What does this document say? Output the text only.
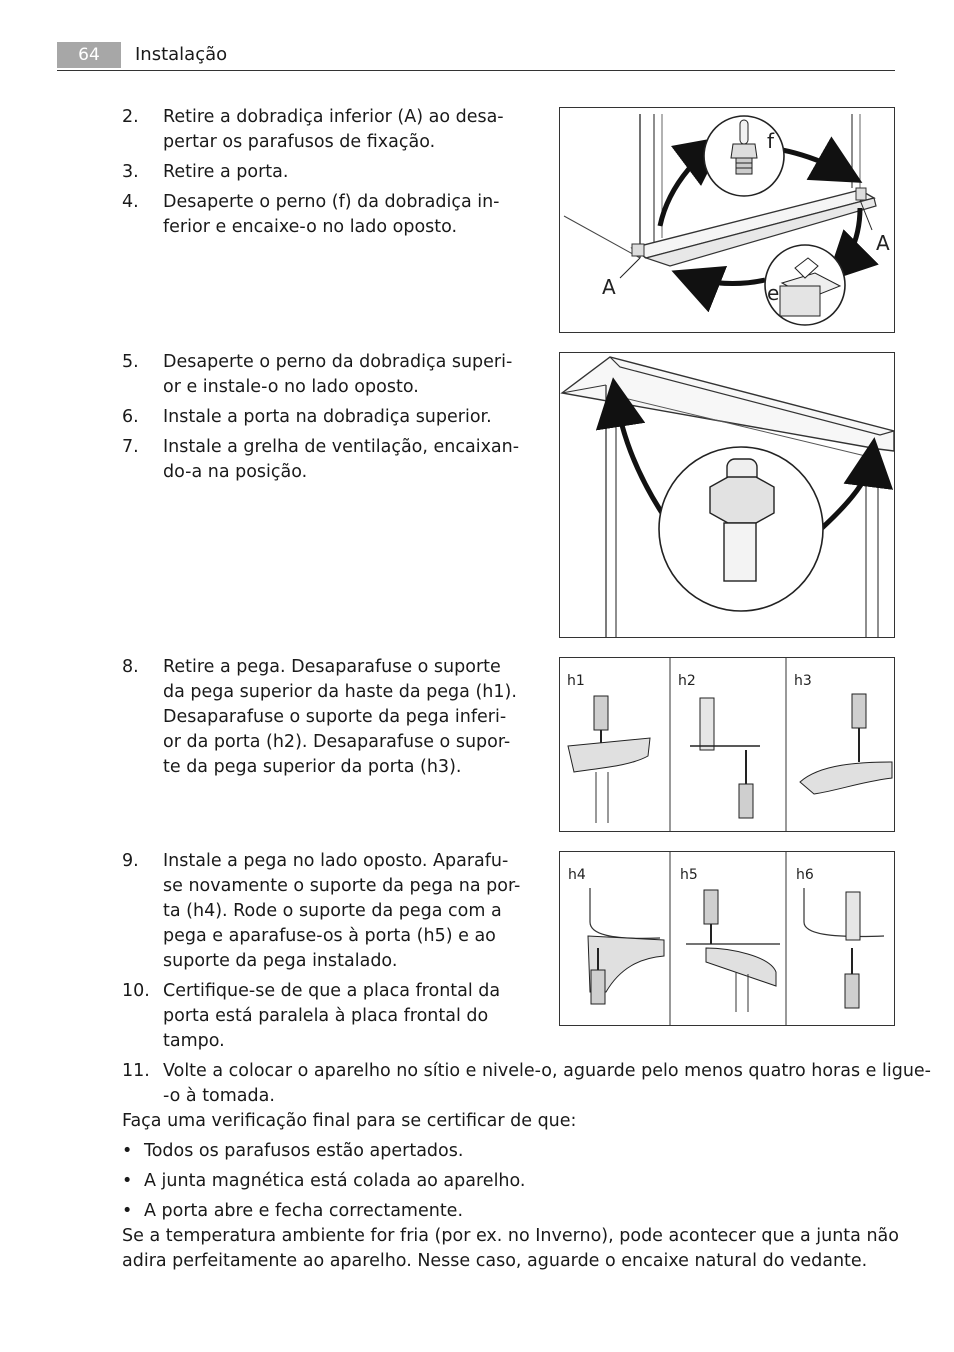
64	Instalação
2. Retire a dobradiça inferior (A) ao desa-
pertar os parafusos de fixação.
3. Retire a porta.
4. Desaperte o perno (f) da dobradiça in-
ferior e encaixe-o no lado oposto.
f
A
A	e
5. Desaperte o perno da dobradiça superi-
or e instale-o no lado oposto.
6. Instale a porta na dobradiça superior.
7. Instale a grelha de ventilação, encaixan-
do-a na posição.
8. Retire a pega. Desaparafuse o suporte
da pega superior da haste da pega (h1).
Desaparafuse o suporte da pega inferi-
or da porta (h2). Desaparafuse o supor-
te da pega superior da porta (h3).
h1	h2	h3
9. Instale a pega no lado oposto. Aparafu-
se novamente o suporte da pega na por-
ta (h4). Rode o suporte da pega com a
pega e aparafuse-os à porta (h5) e ao
suporte da pega instalado.
10. Certifique-se de que a placa frontal da
porta está paralela à placa frontal do
tampo.
11. Volte a colocar o aparelho no sítio e nivele-o, aguarde pelo menos quatro horas e ligue-
-o à tomada.
h4	h5	h6
Faça uma verificação final para se certificar de que:
• Todos os parafusos estão apertados.
• A junta magnética está colada ao aparelho.
• A porta abre e fecha correctamente.
Se a temperatura ambiente for fria (por ex. no Inverno), pode acontecer que a junta não
adira perfeitamente ao aparelho. Nesse caso, aguarde o encaixe natural do vedante.
